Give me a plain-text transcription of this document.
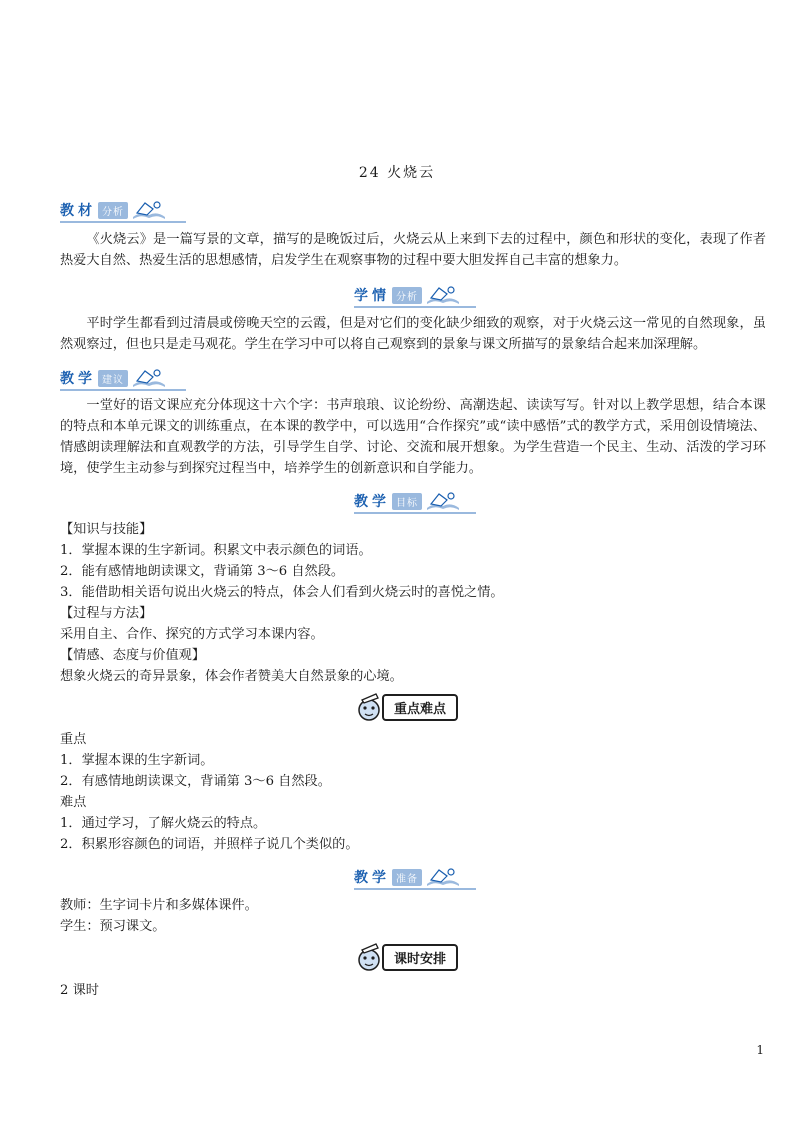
24 火烧云
教材 分析
《火烧云》是一篇写景的文章，描写的是晚饭过后，火烧云从上来到下去的过程中，颜色和形状的变化，表现了作者热爱大自然、热爱生活的思想感情，启发学生在观察事物的过程中要大胆发挥自己丰富的想象力。
学情 分析
平时学生都看到过清晨或傍晚天空的云霞，但是对它们的变化缺少细致的观察，对于火烧云这一常见的自然现象，虽然观察过，但也只是走马观花。学生在学习中可以将自己观察到的景象与课文所描写的景象结合起来加深理解。
教学 建议
一堂好的语文课应充分体现这十六个字：书声琅琅、议论纷纷、高潮迭起、读读写写。针对以上教学思想，结合本课的特点和本单元课文的训练重点，在本课的教学中，可以选用“合作探究”或“读中感悟”式的教学方式，采用创设情境法、情感朗读理解法和直观教学的方法，引导学生自学、讨论、交流和展开想象。为学生营造一个民主、生动、活泼的学习环境，使学生主动参与到探究过程当中，培养学生的创新意识和自学能力。
教学 目标
【知识与技能】
1．掌握本课的生字新词。积累文中表示颜色的词语。
2．能有感情地朗读课文，背诵第 3～6 自然段。
3．能借助相关语句说出火烧云的特点，体会人们看到火烧云时的喜悦之情。
【过程与方法】
采用自主、合作、探究的方式学习本课内容。
【情感、态度与价值观】
想象火烧云的奇异景象，体会作者赞美大自然景象的心境。
重点难点
重点
1．掌握本课的生字新词。
2．有感情地朗读课文，背诵第 3～6 自然段。
难点
1．通过学习，了解火烧云的特点。
2．积累形容颜色的词语，并照样子说几个类似的。
教学 准备
教师：生字词卡片和多媒体课件。
学生：预习课文。
课时安排
2 课时
1
